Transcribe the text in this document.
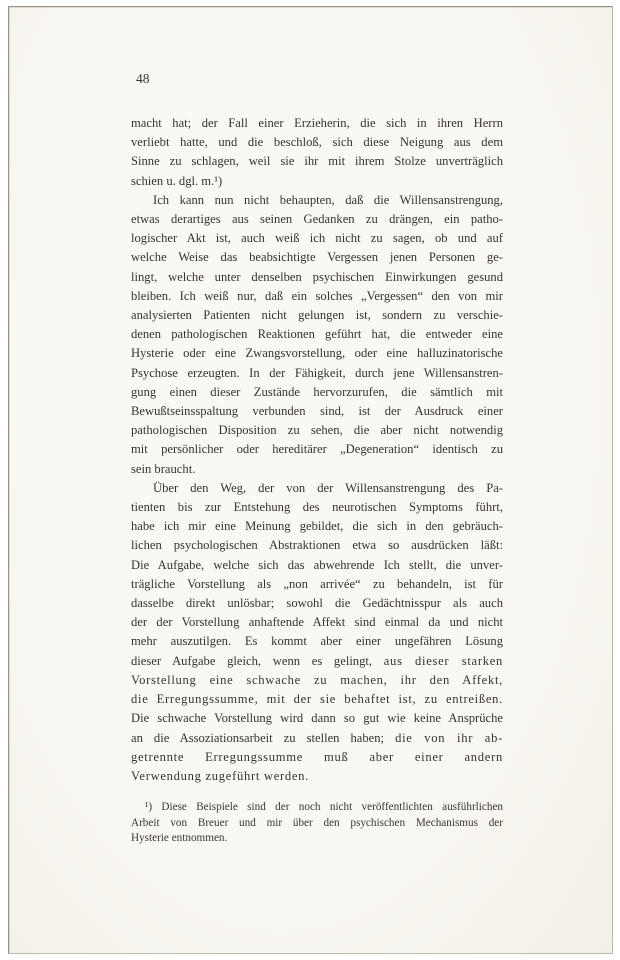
48
macht hat; der Fall einer Erzieherin, die sich in ihren Herrn
verliebt hatte, und die beschloß, sich diese Neigung aus dem
Sinne zu schlagen, weil sie ihr mit ihrem Stolze unverträglich
schien u. dgl. m.¹)
Ich kann nun nicht behaupten, daß die Willensanstrengung,
etwas derartiges aus seinen Gedanken zu drängen, ein patho-
logischer Akt ist, auch weiß ich nicht zu sagen, ob und auf
welche Weise das beabsichtigte Vergessen jenen Personen ge-
lingt, welche unter denselben psychischen Einwirkungen gesund
bleiben. Ich weiß nur, daß ein solches „Vergessen“ den von mir
analysierten Patienten nicht gelungen ist, sondern zu verschie-
denen pathologischen Reaktionen geführt hat, die entweder eine
Hysterie oder eine Zwangsvorstellung, oder eine halluzinatorische
Psychose erzeugten. In der Fähigkeit, durch jene Willensanstren-
gung einen dieser Zustände hervorzurufen, die sämtlich mit
Bewußtseinsspaltung verbunden sind, ist der Ausdruck einer
pathologischen Disposition zu sehen, die aber nicht notwendig
mit persönlicher oder hereditärer „Degeneration“ identisch zu
sein braucht.
Über den Weg, der von der Willensanstrengung des Pa-
tienten bis zur Entstehung des neurotischen Symptoms führt,
habe ich mir eine Meinung gebildet, die sich in den gebräuch-
lichen psychologischen Abstraktionen etwa so ausdrücken läßt:
Die Aufgabe, welche sich das abwehrende Ich stellt, die unver-
trägliche Vorstellung als „non arrivée“ zu behandeln, ist für
dasselbe direkt unlösbar; sowohl die Gedächtnisspur als auch
der der Vorstellung anhaftende Affekt sind einmal da und nicht
mehr auszutilgen. Es kommt aber einer ungefähren Lösung
dieser Aufgabe gleich, wenn es gelingt, aus dieser starken
Vorstellung eine schwache zu machen, ihr den Affekt,
die Erregungssumme, mit der sie behaftet ist, zu entreißen.
Die schwache Vorstellung wird dann so gut wie keine Ansprüche
an die Assoziationsarbeit zu stellen haben; die von ihr ab-
getrennte Erregungssumme muß aber einer andern
Verwendung zugeführt werden.
¹) Diese Beispiele sind der noch nicht veröffentlichten ausführlichen
Arbeit von Breuer und mir über den psychischen Mechanismus der
Hysterie entnommen.
